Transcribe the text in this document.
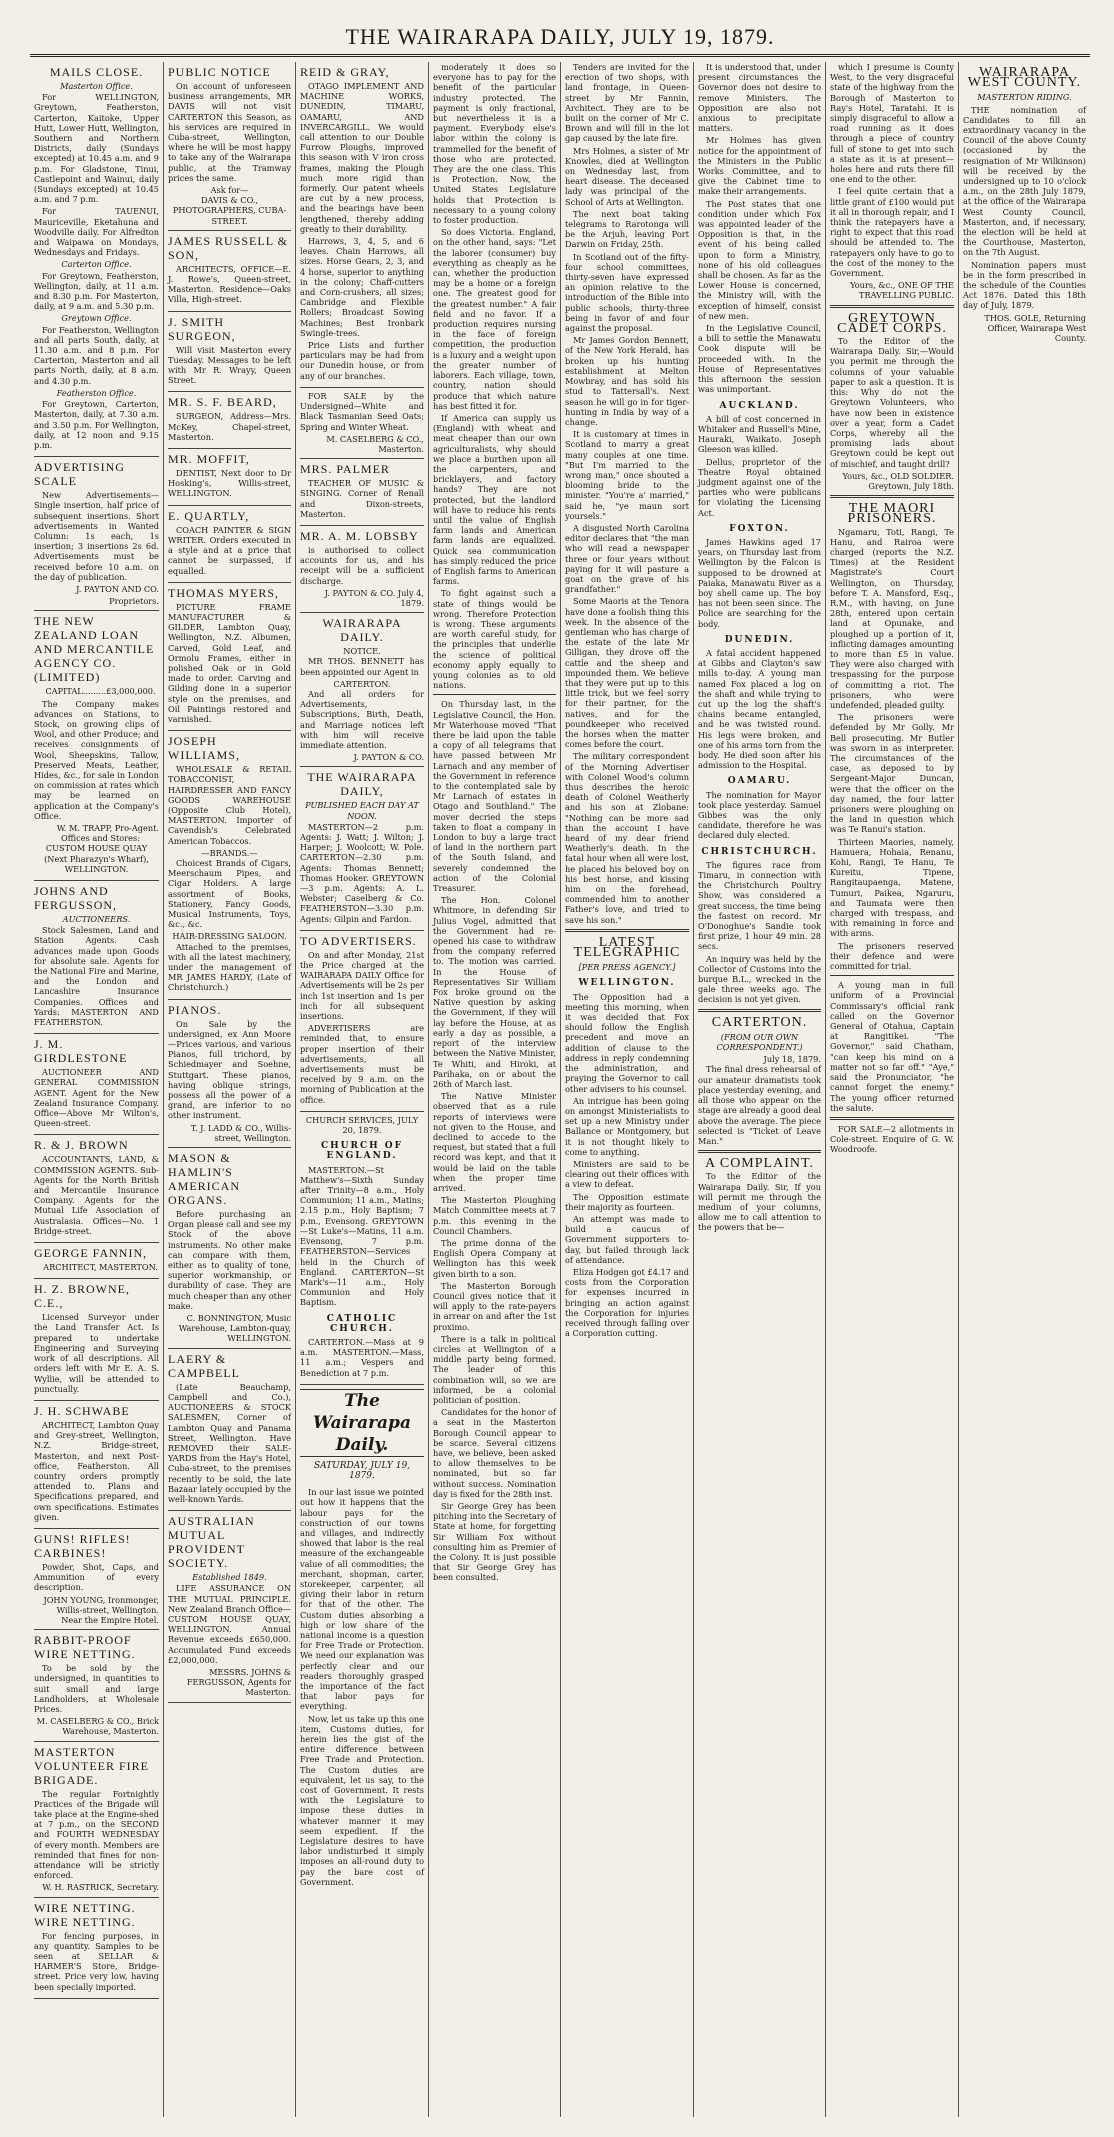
THE WAIRARAPA DAILY, JULY 19, 1879.
MAILS CLOSE.
Masterton Office.

For WELLINGTON, Greytown, Featherston, Carterton, Kaitoke, Upper Hutt, Lower Hutt, Wellington, Southern and Northern Districts, daily (Sundays excepted) at 10.45 a.m. and 9 p.m. For Gladstone, Tinui, Castlepoint and Wainui, daily (Sundays excepted) at 10.45 a.m. and 7 p.m.

For TAUENUI, Mauriceville, Eketahuna and Woodville daily. For Alfredton and Waipawa on Mondays, Wednesdays and Fridays.

Carterton Office.

For Greytown, Featherston, Wellington, daily, at 11 a.m. and 8.30 p.m. For Masterton, daily, at 9 a.m. and 5.30 p.m.

Greytown Office.

For Featherston, Wellington and all parts South, daily, at 11.30 a.m. and 8 p.m. For Carterton, Masterton and all parts North, daily, at 8 a.m. and 4.30 p.m.

Featherston Office.

For Greytown, Carterton, Masterton, daily, at 7.30 a.m. and 3.50 p.m. For Wellington, daily, at 12 noon and 9.15 p.m.

ADVERTISING SCALE

New Advertisements—Single insertion, half price of subsequent insertions. Short advertisements in Wanted Column: 1s each, 1s insertion; 3 insertions 2s 6d. Advertisements must be received before 10 a.m. on the day of publication.

J. PAYTON AND CO.
Proprietors.
THE NEW ZEALAND LOAN AND MERCANTILE AGENCY CO. (LIMITED)

CAPITAL.........£3,000,000.

The Company makes advances on Stations, to Stock, on growing clips of Wool, and other Produce; and receives consignments of Wool, Sheepskins, Tallow, Preserved Meats, Leather, Hides, &c., for sale in London on commission at rates which may be learned on application at the Company's Office.

W. M. TRAPP, Pro-Agent.

Offices and Stores: CUSTOM HOUSE QUAY (Next Pharazyn's Wharf), WELLINGTON.

JOHNS AND FERGUSSON,
AUCTIONEERS.

Stock Salesmen, Land and Station Agents. Cash advances made upon Goods for absolute sale. Agents for the National Fire and Marine, and the London and Lancashire Insurance Companies. Offices and Yards: MASTERTON AND FEATHERSTON.

J. M. GIRDLESTONE

AUCTIONEER AND GENERAL COMMISSION AGENT. Agent for the New Zealand Insurance Company. Office—Above Mr Wilton's, Queen-street.

R. & J. BROWN

ACCOUNTANTS, LAND, & COMMISSION AGENTS. Sub-Agents for the North British and Mercantile Insurance Company. Agents for the Mutual Life Association of Australasia. Offices—No. 1 Bridge-street.

GEORGE FANNIN,

ARCHITECT, MASTERTON.

H. Z. BROWNE, C.E.,

Licensed Surveyor under the Land Transfer Act. Is prepared to undertake Engineering and Surveying work of all descriptions. All orders left with Mr E. A. S. Wyllie, will be attended to punctually.

J. H. SCHWABE

ARCHITECT, Lambton Quay and Grey-street, Wellington, N.Z. Bridge-street, Masterton, and next Post-office, Featherston. All country orders promptly attended to. Plans and Specifications prepared, and own specifications. Estimates given.

GUNS! RIFLES! CARBINES!

Powder, Shot, Caps, and Ammunition of every description.

JOHN YOUNG, Ironmonger, Willis-street, Wellington. Near the Empire Hotel.
RABBIT-PROOF WIRE NETTING.

To be sold by the undersigned, in quantities to suit small and large Landholders, at Wholesale Prices.

M. CASELBERG & CO., Brick Warehouse, Masterton.
MASTERTON VOLUNTEER FIRE BRIGADE.

The regular Fortnightly Practices of the Brigade will take place at the Engine-shed at 7 p.m., on the SECOND and FOURTH WEDNESDAY of every month. Members are reminded that fines for non-attendance will be strictly enforced.

W. H. RASTRICK, Secretary.
WIRE NETTING. WIRE NETTING.

For fencing purposes, in any quantity. Samples to be seen at SELLAR & HARMER'S Store, Bridge-street. Price very low, having been specially imported.

PUBLIC NOTICE

On account of unforeseen business arrangements, MR DAVIS will not visit CARTERTON this Season, as his services are required in Cuba-street, Wellington, where he will be most happy to take any of the Wairarapa public, at the Tramway prices the same.

Ask for—
DAVIS & CO., PHOTOGRAPHERS, CUBA-STREET.
JAMES RUSSELL & SON,

ARCHITECTS, OFFICE—E. J. Rowe's, Queen-street, Masterton. Residence—Oaks Villa, High-street.

J. SMITH SURGEON,

Will visit Masterton every Tuesday. Messages to be left with Mr R. Wrayy, Queen Street.

MR. S. F. BEARD,

SURGEON, Address—Mrs. McKey, Chapel-street, Masterton.

MR. MOFFIT,

DENTIST, Next door to Dr Hosking's, Willis-street, WELLINGTON.

E. QUARTLY,

COACH PAINTER & SIGN WRITER. Orders executed in a style and at a price that cannot be surpassed, if equalled.

THOMAS MYERS,

PICTURE FRAME MANUFACTURER & GILDER, Lambton Quay, Wellington, N.Z. Albumen, Carved, Gold Leaf, and Ormolu Frames, either in polished Oak or in Gold made to order. Carving and Gilding done in a superior style on the premises, and Oil Paintings restored and varnished.

JOSEPH WILLIAMS,

WHOLESALE & RETAIL TOBACCONIST, HAIRDRESSER AND FANCY GOODS WAREHOUSE (Opposite Club Hotel), MASTERTON. Importer of Cavendish's Celebrated American Tobaccos.

—BRANDS.—

Choicest Brands of Cigars, Meerschaum Pipes, and Cigar Holders. A large assortment of Books, Stationery, Fancy Goods, Musical Instruments, Toys, &c., &c.

HAIR-DRESSING SALOON.

Attached to the premises, with all the latest machinery, under the management of MR JAMES HARDY, (Late of Christchurch.)

PIANOS.

On Sale by the undersigned, ex Ann Moore—Prices various, and various Pianos, full trichord, by Schiedmayer and Soehne, Stuttgart. These pianos, having oblique strings, possess all the power of a grand, are inferior to no other instrument.

T. J. LADD & CO., Willis-street, Wellington.
MASON & HAMLIN'S AMERICAN ORGANS.

Before purchasing an Organ please call and see my Stock of the above instruments. No other make can compare with them, either as to quality of tone, superior workmanship, or durability of case. They are much cheaper than any other make.

C. BONNINGTON, Music Warehouse, Lambton-quay, WELLINGTON.
LAERY & CAMPBELL

(Late Beauchamp, Campbell and Co.), AUCTIONEERS & STOCK SALESMEN, Corner of Lambton Quay and Panama Street, Wellington. Have REMOVED their SALE-YARDS from the Hay's Hotel, Cuba-street, to the premises recently to be sold, the late Bazaar lately occupied by the well-known Yards.

AUSTRALIAN MUTUAL PROVIDENT SOCIETY.
Established 1849.

LIFE ASSURANCE ON THE MUTUAL PRINCIPLE. New Zealand Branch Office—CUSTOM HOUSE QUAY, WELLINGTON. Annual Revenue exceeds £650,000. Accumulated Fund exceeds £2,000,000.

MESSRS. JOHNS & FERGUSSON, Agents for Masterton.
REID & GRAY,

OTAGO IMPLEMENT AND MACHINE WORKS, DUNEDIN, TIMARU, OAMARU, AND INVERCARGILL. We would call attention to our Double Furrow Ploughs, improved this season with V iron cross frames, making the Plough much more rigid than formerly. Our patent wheels are cut by a new process, and the bearings have been lengthened, thereby adding greatly to their durability.

Harrows, 3, 4, 5, and 6 leaves. Chain Harrows, all sizes. Horse Gears, 2, 3, and 4 horse, superior to anything in the colony; Chaff-cutters and Corn-crushers, all sizes; Cambridge and Flexible Rollers; Broadcast Sowing Machines; Best Ironbark Swingle-trees.

Price Lists and further particulars may be had from our Dunedin house, or from any of our branches.

FOR SALE by the Undersigned—White and Black Tasmanian Seed Oats; Spring and Winter Wheat.

M. CASELBERG & CO., Masterton.
MRS. PALMER

TEACHER OF MUSIC & SINGING. Corner of Renall and Dixon-streets, Masterton.

MR. A. M. LOBSBY

is authorised to collect accounts for us, and his receipt will be a sufficient discharge.

J. PAYTON & CO. July 4, 1879.
WAIRARAPA DAILY.
NOTICE.

MR THOS. BENNETT has been appointed our Agent in

CARTERTON.

And all orders for Advertisements, Subscriptions, Birth, Death, and Marriage notices left with him will receive immediate attention.

J. PAYTON & CO.
THE WAIRARAPA DAILY,
PUBLISHED EACH DAY AT NOON.

MASTERTON—2 p.m. Agents: J. Watt; J. Wilton; J. Harper; J. Woolcott; W. Pole. CARTERTON—2.30 p.m. Agents: Thomas Bennett; Thomas Hooker. GREYTOWN—3 p.m. Agents: A. L. Webster; Caselberg & Co. FEATHERSTON—3.30 p.m. Agents: Gilpin and Fardon.

TO ADVERTISERS.

On and after Monday, 21st the Price charged at the WAIRARAPA DAILY Office for Advertisements will be 2s per inch 1st insertion and 1s per inch for all subsequent insertions.

ADVERTISERS are reminded that, to ensure proper insertion of their advertisements, all advertisements must be received by 9 a.m. on the morning of Publication at the office.

CHURCH SERVICES, JULY 20, 1879.
CHURCH OF ENGLAND.

MASTERTON.—St Matthew's—Sixth Sunday after Trinity—8 a.m., Holy Communion; 11 a.m., Matins; 2.15 p.m., Holy Baptism; 7 p.m., Evensong. GREYTOWN—St Luke's—Matins, 11 a.m. Evensong, 7 p.m. FEATHERSTON—Services held in the Church of England. CARTERTON—St Mark's—11 a.m., Holy Communion and Holy Baptism.

CATHOLIC CHURCH.

CARTERTON.—Mass at 9 a.m. MASTERTON.—Mass, 11 a.m.; Vespers and Benediction at 7 p.m.

The Wairarapa Daily.
SATURDAY, JULY 19, 1879.

In our last issue we pointed out how it happens that the labour pays for the construction of our towns and villages, and indirectly showed that labor is the real measure of the exchangeable value of all commodities; the merchant, shopman, carter, storekeeper, carpenter, all giving their labor in return for that of the other. The Custom duties absorbing a high or low share of the national income is a question for Free Trade or Protection. We need our explanation was perfectly clear and our readers thoroughly grasped the importance of the fact that labor pays for everything.

Now, let us take up this one item, Customs duties, for herein lies the gist of the entire difference between Free Trade and Protection. The Custom duties are equivalent, let us say, to the cost of Government. It rests with the Legislature to impose these duties in whatever manner it may seem expedient. If the Legislature desires to have labor undisturbed it simply imposes an all-round duty to pay the bare cost of Government.

moderately it does so everyone has to pay for the benefit of the particular industry protected. The payment is only fractional, but nevertheless it is a payment. Everybody else's labor within the colony is trammelled for the benefit of those who are protected. They are the one class. This is Protection. Now, the United States Legislature holds that Protection is necessary to a young colony to foster production.

So does Victoria. England, on the other hand, says: "Let the laborer (consumer) buy everything as cheaply as he can, whether the production may be a home or a foreign one. The greatest good for the greatest number." A fair field and no favor. If a production requires nursing in the face of foreign competition, the production is a luxury and a weight upon the greater number of laborers. Each village, town, country, nation should produce that which nature has best fitted it for.

If America can supply us (England) with wheat and meat cheaper than our own agriculturalists, why should we place a burthen upon all the carpenters, and bricklayers, and factory hands? They are not protected, but the landlord will have to reduce his rents until the value of English farm lands and American farm lands are equalized. Quick sea communication has simply reduced the price of English farms to American farms.

To fight against such a state of things would be wrong. Therefore Protection is wrong. These arguments are worth careful study, for the principles that underlie the science of political economy apply equally to young colonies as to old nations.

On Thursday last, in the Legislative Council, the Hon. Mr Waterhouse moved "That there be laid upon the table a copy of all telegrams that have passed between Mr Larnach and any member of the Government in reference to the contemplated sale by Mr Larnach of estates in Otago and Southland." The mover decried the steps taken to float a company in London to buy a large tract of land in the northern part of the South Island, and severely condemned the action of the Colonial Treasurer.

The Hon. Colonel Whitmore, in defending Sir Julius Vogel, admitted that the Government had re-opened his case to withdraw from the company referred to. The motion was carried. In the House of Representatives Sir William Fox broke ground on the Native question by asking the Government, if they will lay before the House, at as early a day as possible, a report of the interview between the Native Minister, Te Whiti, and Hiroki, at Parihaka, on or about the 26th of March last.

The Native Minister observed that as a rule reports of interviews were not given to the House, and declined to accede to the request, but stated that a full record was kept, and that it would be laid on the table when the proper time arrived.

The Masterton Ploughing Match Committee meets at 7 p.m. this evening in the Council Chambers.

The prime donna of the English Opera Company at Wellington has this week given birth to a son.

The Masterton Borough Council gives notice that it will apply to the rate-payers in arrear on and after the 1st proximo.

There is a talk in political circles at Wellington of a middle party being formed. The leader of this combination will, so we are informed, be a colonial politician of position.

Candidates for the honor of a seat in the Masterton Borough Council appear to be scarce. Several citizens have, we believe, been asked to allow themselves to be nominated, but so far without success. Nomination day is fixed for the 28th inst.

Sir George Grey has been pitching into the Secretary of State at home, for forgetting Sir William Fox without consulting him as Premier of the Colony. It is just possible that Sir George Grey has been consulted.

Tenders are invited for the erection of two shops, with land frontage, in Queen-street by Mr Fannin, Architect. They are to be built on the corner of Mr C. Brown and will fill in the lot gap caused by the late fire.

Mrs Holmes, a sister of Mr Knowles, died at Wellington on Wednesday last, from heart disease. The deceased lady was principal of the School of Arts at Wellington.

The next boat taking telegrams to Rarotonga will be the Arjuh, leaving Port Darwin on Friday, 25th.

In Scotland out of the fifty-four school committees, thirty-seven have expressed an opinion relative to the introduction of the Bible into public schools, thirty-three being in favor of and four against the proposal.

Mr James Gordon Bennett, of the New York Herald, has broken up his hunting establishment at Melton Mowbray, and has sold his stud to Tattersall's. Next season he will go in for tiger-hunting in India by way of a change.

It is customary at times in Scotland to marry a great many couples at one time. "But I'm married to the wrong man," once shouted a blooming bride to the minister. "You're a' married," said he, "ye maun sort yoursels."

A disgusted North Carolina editor declares that "the man who will read a newspaper three or four years without paying for it will pasture a goat on the grave of his grandfather."

Some Maoris at the Tenora have done a foolish thing this week. In the absence of the gentleman who has charge of the estate of the late Mr Gilligan, they drove off the cattle and the sheep and impounded them. We believe that they were put up to this little trick, but we feel sorry for their partner, for the natives, and for the poundkeeper who received the horses when the matter comes before the court.

The military correspondent of the Morning Advertiser with Colonel Wood's column thus describes the heroic death of Colonel Weatherly and his son at Zlobane: "Nothing can be more sad than the account I have heard of my dear friend Weatherly's death. In the fatal hour when all were lost, he placed his beloved boy on his best horse, and kissing him on the forehead, commended him to another Father's love, and tried to save his son."

LATEST TELEGRAPHIC
[PER PRESS AGENCY.]
WELLINGTON.

The Opposition had a meeting this morning, when it was decided that Fox should follow the English precedent and move an addition of clause to the address in reply condemning the administration, and praying the Governor to call other advisers to his counsel.

An intrigue has been going on amongst Ministerialists to set up a new Ministry under Ballance or Montgomery, but it is not thought likely to come to anything.

Ministers are said to be clearing out their offices with a view to defeat.

The Opposition estimate their majority as fourteen.

An attempt was made to build a caucus of Government supporters to-day, but failed through lack of attendance.

Eliza Hodgen got £4.17 and costs from the Corporation for expenses incurred in bringing an action against the Corporation for injuries received through falling over a Corporation cutting.

It is understood that, under present circumstances the Governor does not desire to remove Ministers. The Opposition are also not anxious to precipitate matters.

Mr Holmes has given notice for the appointment of the Ministers in the Public Works Committee, and to give the Cabinet time to make their arrangements.

The Post states that one condition under which Fox was appointed leader of the Opposition is that, in the event of his being called upon to form a Ministry, none of his old colleagues shall be chosen. As far as the Lower House is concerned, the Ministry will, with the exception of himself, consist of new men.

In the Legislative Council, a bill to settle the Manawatu Cook dispute will be proceeded with. In the House of Representatives this afternoon the session was unimportant.

AUCKLAND.

A bill of cost concerned in Whitaker and Russell's Mine, Hauraki, Waikato. Joseph Gleeson was killed.

Dellus, proprietor of the Theatre Royal obtained judgment against one of the parties who were publicans for violating the Licensing Act.

FOXTON.

James Hawkins aged 17 years, on Thursday last from Wellington by the Falcon is supposed to be drowned at Paiaka, Manawatu River as a boy shell came up. The boy has not been seen since. The Police are searching for the body.

DUNEDIN.

A fatal accident happened at Gibbs and Clayton's saw mills to-day. A young man named Fox placed a log on the shaft and while trying to cut up the log the shaft's chains became entangled, and he was twisted round. His legs were broken, and one of his arms torn from the body. He died soon after his admission to the Hospital.

OAMARU.

The nomination for Mayor took place yesterday. Samuel Gibbes was the only candidate, therefore he was declared duly elected.

CHRISTCHURCH.

The figures race from Timaru, in connection with the Christchurch Poultry Show, was considered a great success, the time being the fastest on record. Mr O'Donoghue's Sandie took first prize, 1 hour 49 min. 28 secs.

An inquiry was held by the Collector of Customs into the burque B.L., wrecked in the gale three weeks ago. The decision is not yet given.

CARTERTON.
(FROM OUR OWN CORRESPONDENT.)
July 18, 1879.

The final dress rehearsal of our amateur dramatists took place yesterday evening, and all those who appear on the stage are already a good deal above the average. The piece selected is "Ticket of Leave Man."

A COMPLAINT.

To the Editor of the Wairarapa Daily. Sir, If you will permit me through the medium of your columns, allow me to call attention to the powers that be—

which I presume is County West, to the very disgraceful state of the highway from the Borough of Masterton to Ray's Hotel, Taratahi. It is simply disgraceful to allow a road running as it does through a piece of country full of stone to get into such a state as it is at present—holes here and ruts there fill one end to the other.

I feel quite certain that a little grant of £100 would put it all in thorough repair, and I think the ratepayers have a right to expect that this road should be attended to. The ratepayers only have to go to the cost of the money to the Government.

Yours, &c., ONE OF THE TRAVELLING PUBLIC.
GREYTOWN CADET CORPS.

To the Editor of the Wairarapa Daily. Sir,—Would you permit me through the columns of your valuable paper to ask a question. It is this: Why do not the Greytown Volunteers, who have now been in existence over a year, form a Cadet Corps, whereby all the promising lads about Greytown could be kept out of mischief, and taught drill?

Yours, &c., OLD SOLDIER. Greytown, July 18th.
THE MAORI PRISONERS.

Ngamaru, Toti, Rangi, Te Hanu, and Rairoa were charged (reports the N.Z. Times) at the Resident Magistrate's Court Wellington, on Thursday, before T. A. Mansford, Esq., R.M., with having, on June 28th, entered upon certain land at Opunake, and ploughed up a portion of it, inflicting damages amounting to more than £5 in value. They were also charged with trespassing for the purpose of committing a riot. The prisoners, who were undefended, pleaded guilty.

The prisoners were defended by Mr Golly. Mr Bell prosecuting. Mr Butler was sworn in as interpreter. The circumstances of the case, as deposed to by Sergeant-Major Duncan, were that the officer on the day named, the four latter prisoners were ploughing on the land in question which was Te Ranui's station.

Thirteen Maories, namely, Hamuera, Hohaia, Renanu, Kohi, Rangi, Te Hanu, Te Kureitu, Tipene, Rangitaupaenga, Matene, Tumuri, Paikea, Ngaruru, and Taumata were then charged with trespass, and with remaining in force and with arms.

The prisoners reserved their defence and were committed for trial.

A young man in full uniform of a Provincial Commissary's official rank called on the Governor General of Otahua, Captain at Rangitikei. "The Governor," said Chatham, "can keep his mind on a matter not so far off." "Aye," said the Pronunciator, "he cannot forget the enemy." The young officer returned the salute.

FOR SALE—2 allotments in Cole-street. Enquire of G. W. Woodroofe.

WAIRARAPA WEST COUNTY.
MASTERTON RIDING.

THE nomination of Candidates to fill an extraordinary vacancy in the Council of the above County (occasioned by the resignation of Mr Wilkinson) will be received by the undersigned up to 10 o'clock a.m., on the 28th July 1879, at the office of the Wairarapa West County Council, Masterton, and, if necessary, the election will be held at the Courthouse, Masterton, on the 7th August.

Nomination papers must be in the form prescribed in the schedule of the Counties Act 1876. Dated this 18th day of July, 1879.

THOS. GOLE, Returning Officer, Wairarapa West County.
